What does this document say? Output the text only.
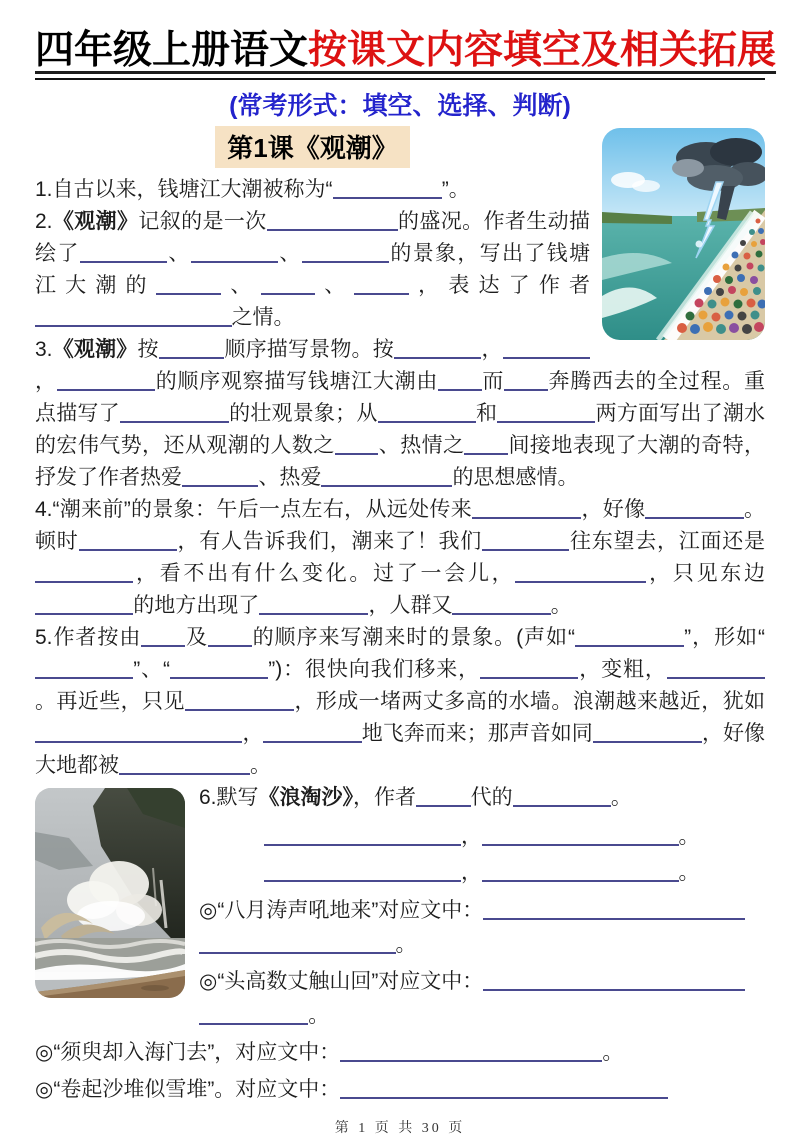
四年级上册语文按课文内容填空及相关拓展
(常考形式：填空、选择、判断)
第1课《观潮》

1.自古以来，钱塘江大潮被称为“	”。

2.《观潮》记叙的是一次	的盛况。作者生动描绘了	、	、	的景象，写出了钱塘江大潮的	、	、	，表达了作者之情。

3.《观潮》按	顺序描写景物。按	，，	的顺序观察描写钱塘江大潮由 而 奔腾西去的全过程。重点描写了	的壮观景象；从	和	两方面写出了潮水的宏伟气势，还从观潮的人数之 、热情之 间接地表现了大潮的奇特，抒发了作者热爱	、热爱	的思想感情。

4.“潮来前”的景象：午后一点左右，从远处传来	，好像	。顿时	，有人告诉我们，潮来了！我们	往东望去，江面还是，看不出有什么变化。过了一会儿，	，只见东边的地方出现了	，人群又	。

5.作者按由 及 的顺序来写潮来时的景象。(声如“	”，形如“”、“	”)：很快向我们移来，	，变粗，。再近些，只见	，形成一堵两丈多高的水墙。浪潮越来越近，犹如，	地飞奔而来；那声音如同	，好像大地都被	。

6.默写《浪淘沙》，作者	代的	。

，	。

，	。

◎“八月涛声吼地来”对应文中： 。

◎“头高数丈触山回”对应文中： 。

◎“须臾却入海门去”，对应文中：	。

◎“卷起沙堆似雪堆”。对应文中：

第 1 页 共 30 页
